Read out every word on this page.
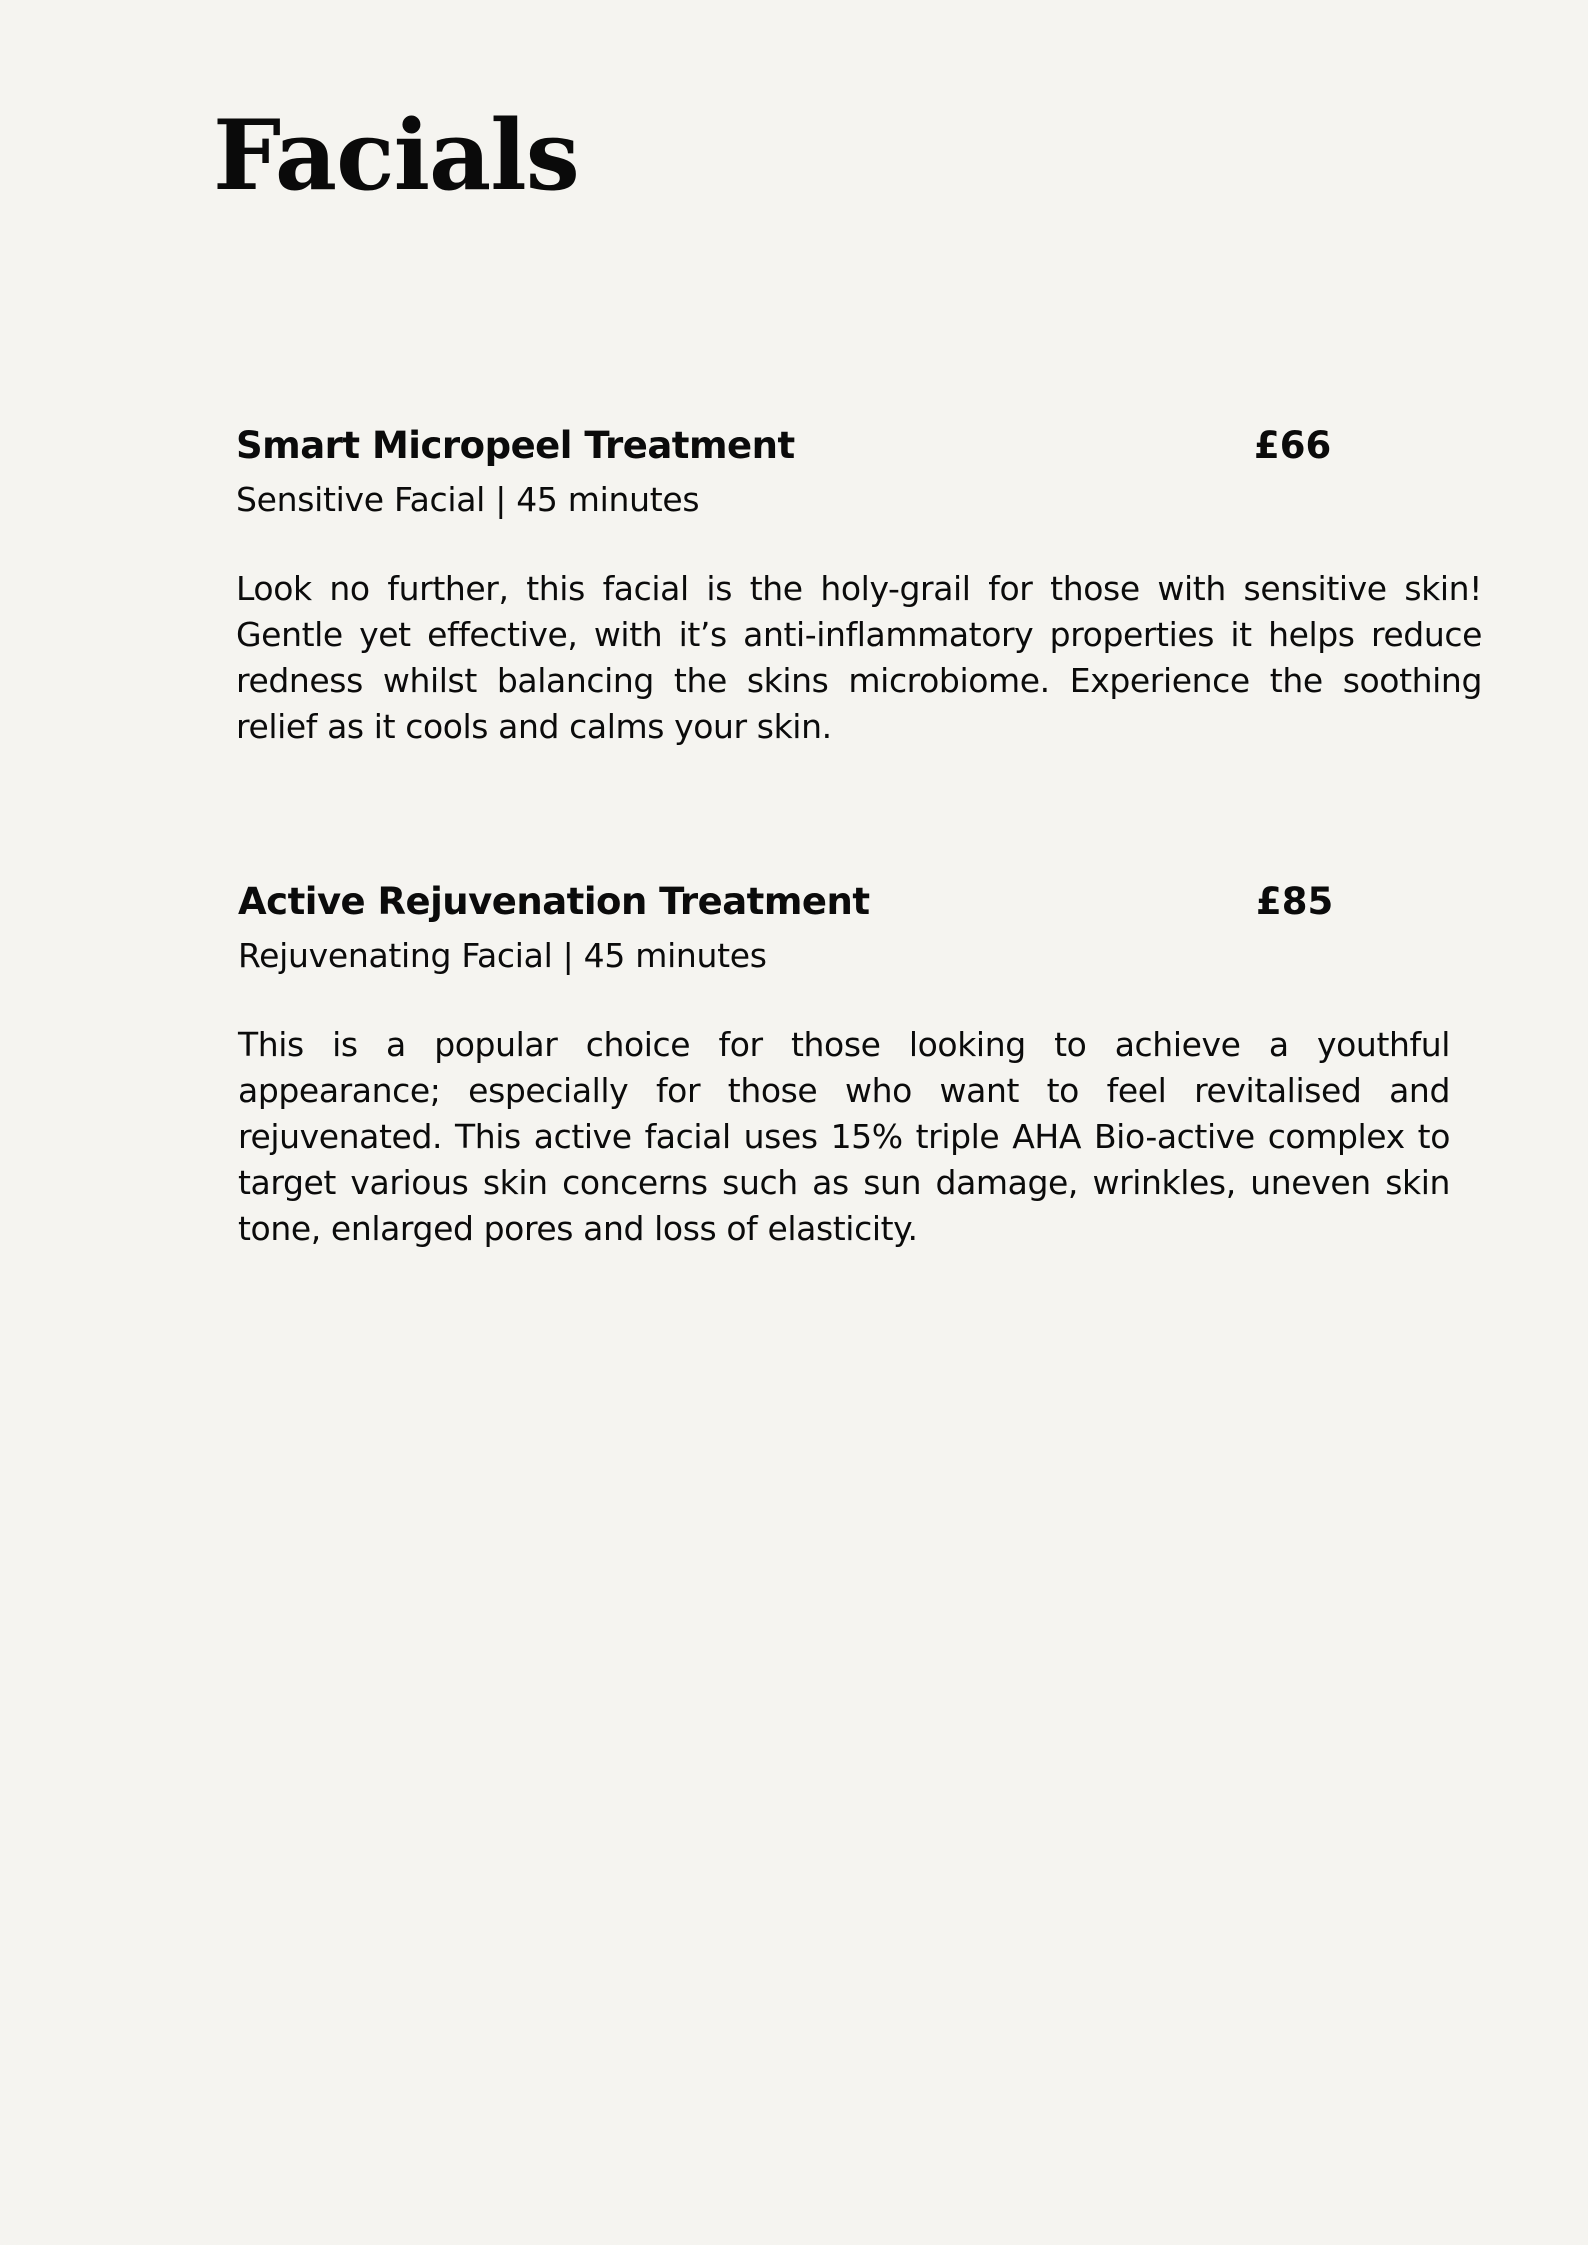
Facials
Smart Micropeel Treatment	£66

Sensitive Facial | 45 minutes

Look no further, this facial is the holy-grail for those with sensitive skin! Gentle yet effective, with it’s anti-inflammatory properties it helps reduce redness whilst balancing the skins microbiome. Experience the soothing relief as it cools and calms your skin.

Active Rejuvenation Treatment	£85

Rejuvenating Facial | 45 minutes

This is a popular choice for those looking to achieve a youthful appearance; especially for those who want to feel revitalised and rejuvenated. This active facial uses 15% triple AHA Bio-active complex to target various skin concerns such as sun damage, wrinkles, uneven skin tone, enlarged pores and loss of elasticity.
